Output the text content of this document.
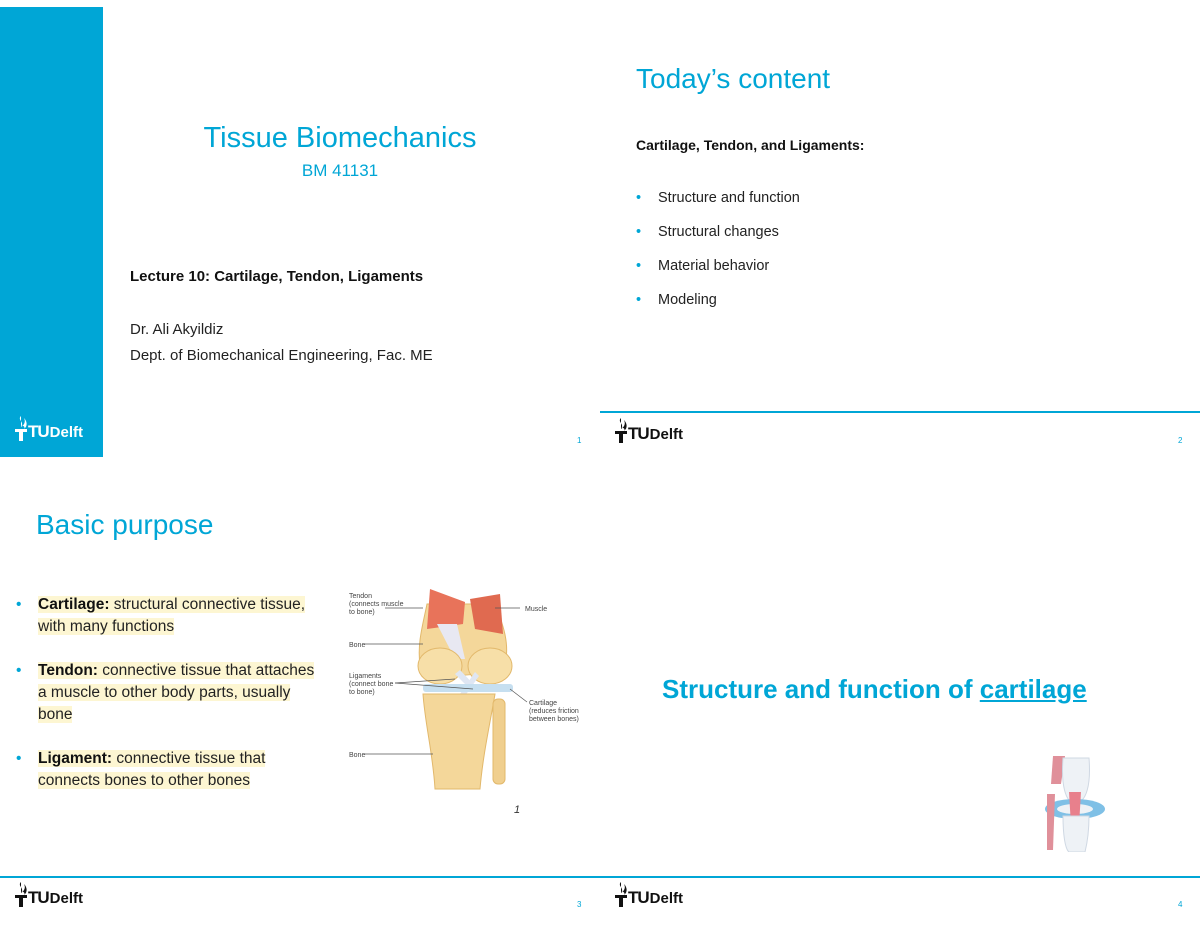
Tissue Biomechanics
BM 41131
Lecture 10: Cartilage, Tendon, Ligaments
Dr. Ali Akyildiz
Dept. of Biomechanical Engineering, Fac. ME
TU Delft	1
Today’s content
Cartilage, Tendon, and Ligaments:
• Structure and function
• Structural changes
• Material behavior
• Modeling
TU Delft	2
Basic purpose
• Cartilage: structural connective tissue, with many functions
• Tendon: connective tissue that attaches a muscle to other body parts, usually bone
• Ligament: connective tissue that connects bones to other bones
Tendon
(connects muscle
to bone)	Muscle
Bone
Ligaments
(connect bone
to bone)
Cartilage
(reduces friction
between bones)
Bone
1
TU Delft	3
Structure and function of cartilage
TU Delft	4
